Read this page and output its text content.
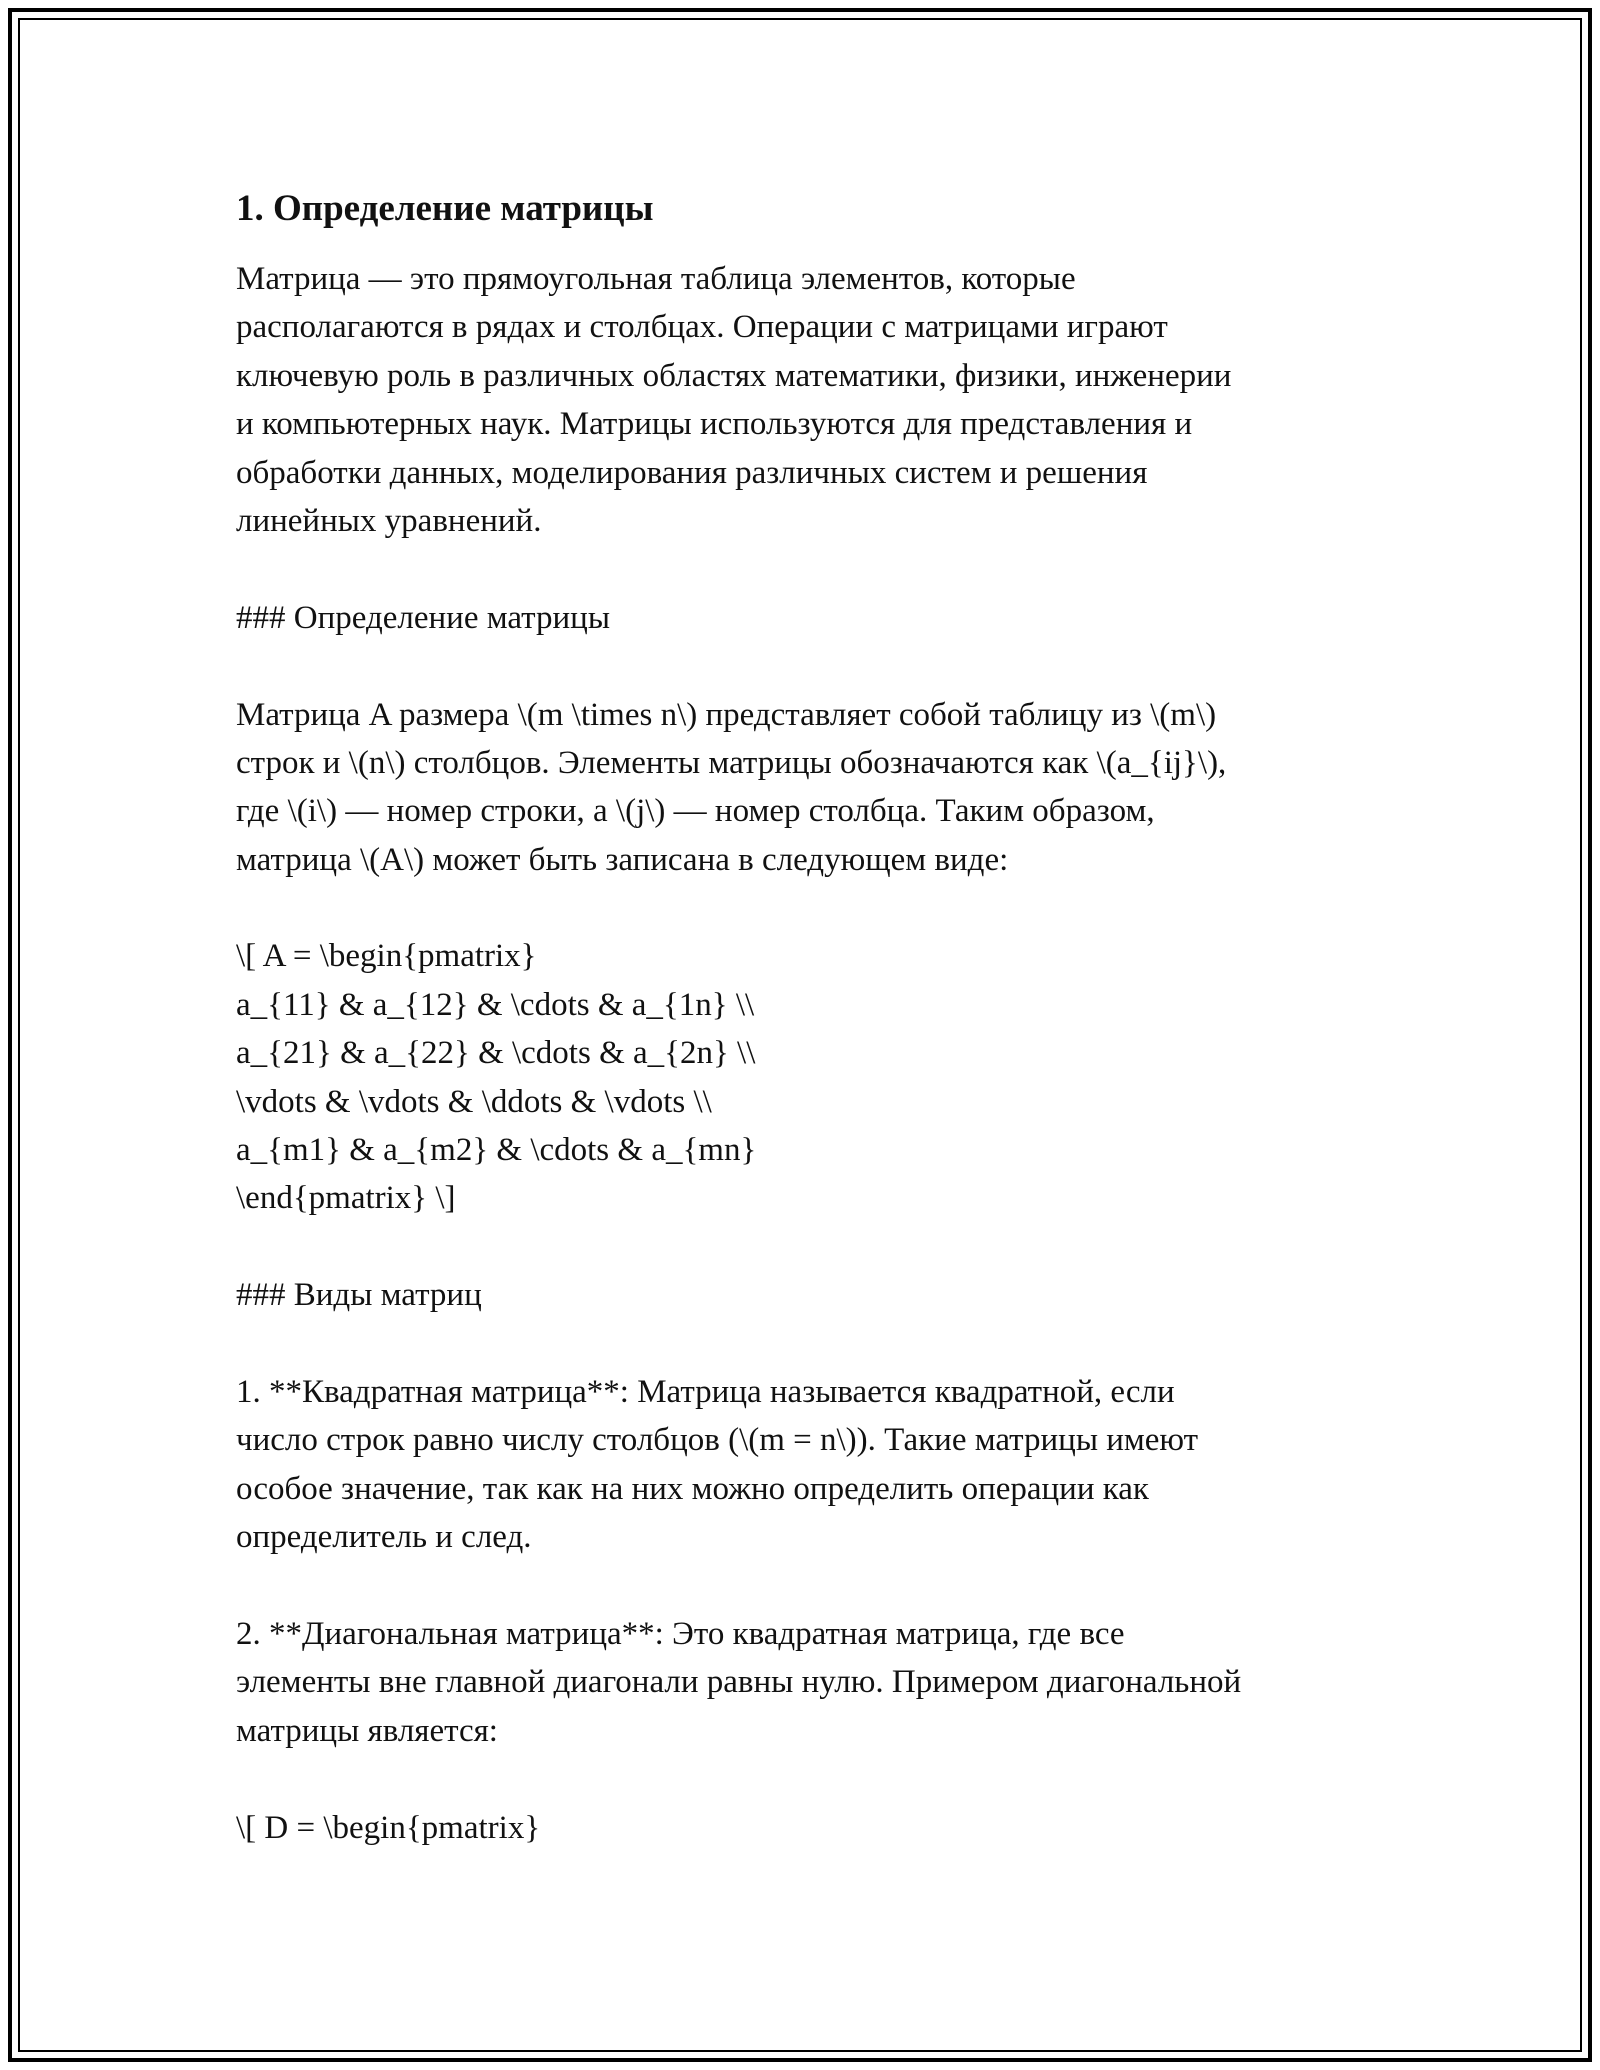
1. Определение матрицы
Матрица — это прямоугольная таблица элементов, которые
располагаются в рядах и столбцах. Операции с матрицами играют
ключевую роль в различных областях математики, физики, инженерии
и компьютерных наук. Матрицы используются для представления и
обработки данных, моделирования различных систем и решения
линейных уравнений.
### Определение матрицы
Матрица A размера \(m \times n\) представляет собой таблицу из \(m\)
строк и \(n\) столбцов. Элементы матрицы обозначаются как \(a_{ij}\),
где \(i\) — номер строки, а \(j\) — номер столбца. Таким образом,
матрица \(A\) может быть записана в следующем виде:
\[ A = \begin{pmatrix}
a_{11} & a_{12} & \cdots & a_{1n} \\
a_{21} & a_{22} & \cdots & a_{2n} \\
\vdots & \vdots & \ddots & \vdots \\
a_{m1} & a_{m2} & \cdots & a_{mn}
\end{pmatrix} \]
### Виды матриц
1. **Квадратная матрица**: Матрица называется квадратной, если
число строк равно числу столбцов (\(m = n\)). Такие матрицы имеют
особое значение, так как на них можно определить операции как
определитель и след.
2. **Диагональная матрица**: Это квадратная матрица, где все
элементы вне главной диагонали равны нулю. Примером диагональной
матрицы является:
\[ D = \begin{pmatrix}
